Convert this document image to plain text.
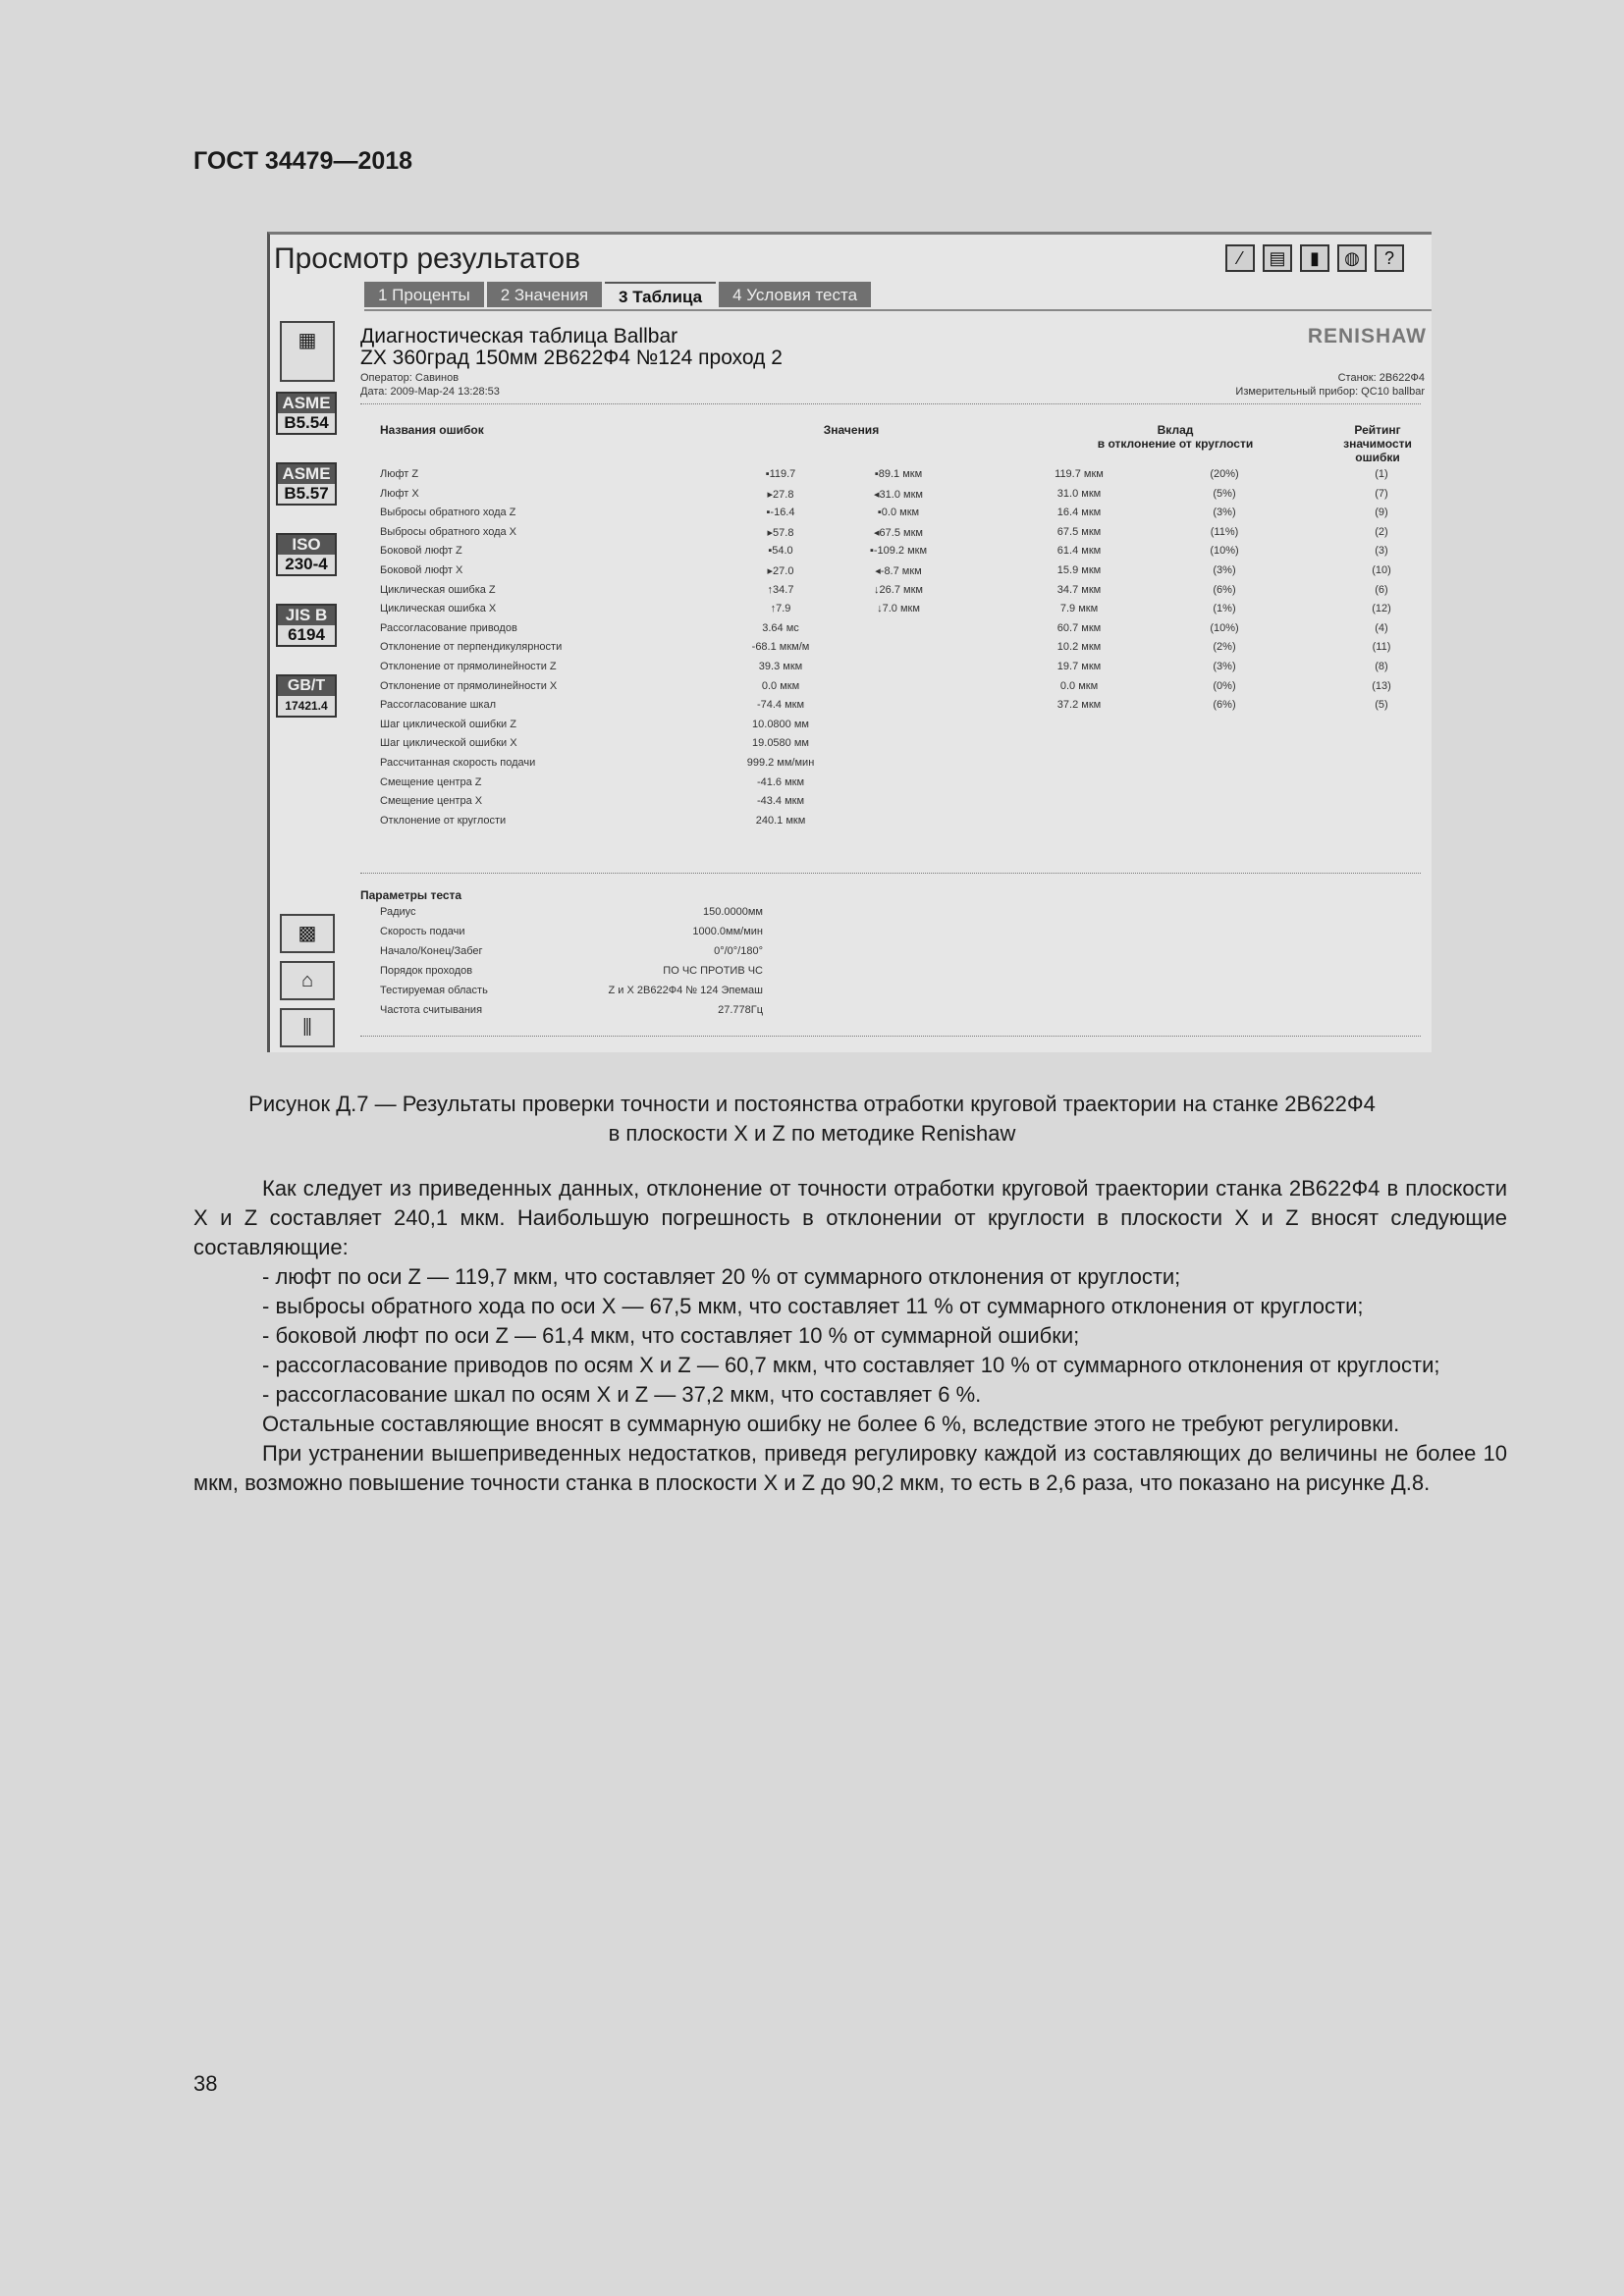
ГОСТ 34479—2018
Просмотр результатов	⁄	▤	▮	◍	?
1 Проценты	2 Значения	3 Таблица	4 Условия теста
▦
ASME
B5.54
ASME
B5.57
ISO
230-4
JIS B
6194
GB/T
17421.4
▩
⌂
⫼
Диагностическая таблица Ballbar
ZX 360град 150мм 2В622Ф4 №124 проход 2
RENISHAW
Оператор: Савинов
Дата: 2009-Мар-24 13:28:53
Станок: 2В622Ф4
Измерительный прибор: QC10 ballbar
Названия ошибок	Значения	Вклад
в отклонение от круглости
Рейтинг
значимости
ошибки
Люфт Z	▪119.7	▪89.1 мкм	119.7 мкм	(20%)	(1)
Люфт X	▸27.8	◂31.0 мкм	31.0 мкм	(5%)	(7)
Выбросы обратного хода Z	▪-16.4	▪0.0 мкм	16.4 мкм	(3%)	(9)
Выбросы обратного хода X	▸57.8	◂67.5 мкм	67.5 мкм	(11%)	(2)
Боковой люфт Z	▪54.0	▪-109.2 мкм	61.4 мкм	(10%)	(3)
Боковой люфт X	▸27.0	◂-8.7 мкм	15.9 мкм	(3%)	(10)
Циклическая ошибка Z	↑34.7	↓26.7 мкм	34.7 мкм	(6%)	(6)
Циклическая ошибка X	↑7.9	↓7.0 мкм	7.9 мкм	(1%)	(12)
Рассогласование приводов	3.64 мс	60.7 мкм	(10%)	(4)
Отклонение от перпендикулярности	-68.1 мкм/м	10.2 мкм	(2%)	(11)
Отклонение от прямолинейности Z	39.3 мкм	19.7 мкм	(3%)	(8)
Отклонение от прямолинейности X	0.0 мкм	0.0 мкм	(0%)	(13)
Рассогласование шкал	-74.4 мкм	37.2 мкм	(6%)	(5)
Шаг циклической ошибки Z	10.0800 мм
Шаг циклической ошибки X	19.0580 мм
Рассчитанная скорость подачи	999.2 мм/мин
Смещение центра Z	-41.6 мкм
Смещение центра X	-43.4 мкм
Отклонение от круглости	240.1 мкм
Параметры теста
Радиус	150.0000мм
Скорость подачи	1000.0мм/мин
Начало/Конец/Забег	0°/0°/180°
Порядок проходов	ПО ЧС ПРОТИВ ЧС
Тестируемая область	Z и X 2В622Ф4 № 124 Эпемаш
Частота считывания	27.778Гц
Рисунок Д.7 — Результаты проверки точности и постоянства отработки круговой траектории на станке 2В622Ф4
в плоскости X и Z по методике Renishaw

Как следует из приведенных данных, отклонение от точности отработки круговой траектории станка 2В622Ф4 в плоскости X и Z составляет 240,1 мкм. Наибольшую погрешность в отклонении от круглости в плоскости X и Z вносят следующие составляющие:

- люфт по оси Z — 119,7 мкм, что составляет 20 % от суммарного отклонения от круглости;

- выбросы обратного хода по оси X — 67,5 мкм, что составляет 11 % от суммарного отклонения от круглости;

- боковой люфт по оси Z — 61,4 мкм, что составляет 10 % от суммарной ошибки;

- рассогласование приводов по осям X и Z — 60,7 мкм, что составляет 10 % от суммарного отклонения от круглости;

- рассогласование шкал по осям X и Z — 37,2 мкм, что составляет 6 %.

Остальные составляющие вносят в суммарную ошибку не более 6 %, вследствие этого не требуют регулировки.

При устранении вышеприведенных недостатков, приведя регулировку каждой из составляющих до величины не более 10 мкм, возможно повышение точности станка в плоскости X и Z до 90,2 мкм, то есть в 2,6 раза, что показано на рисунке Д.8.

38
